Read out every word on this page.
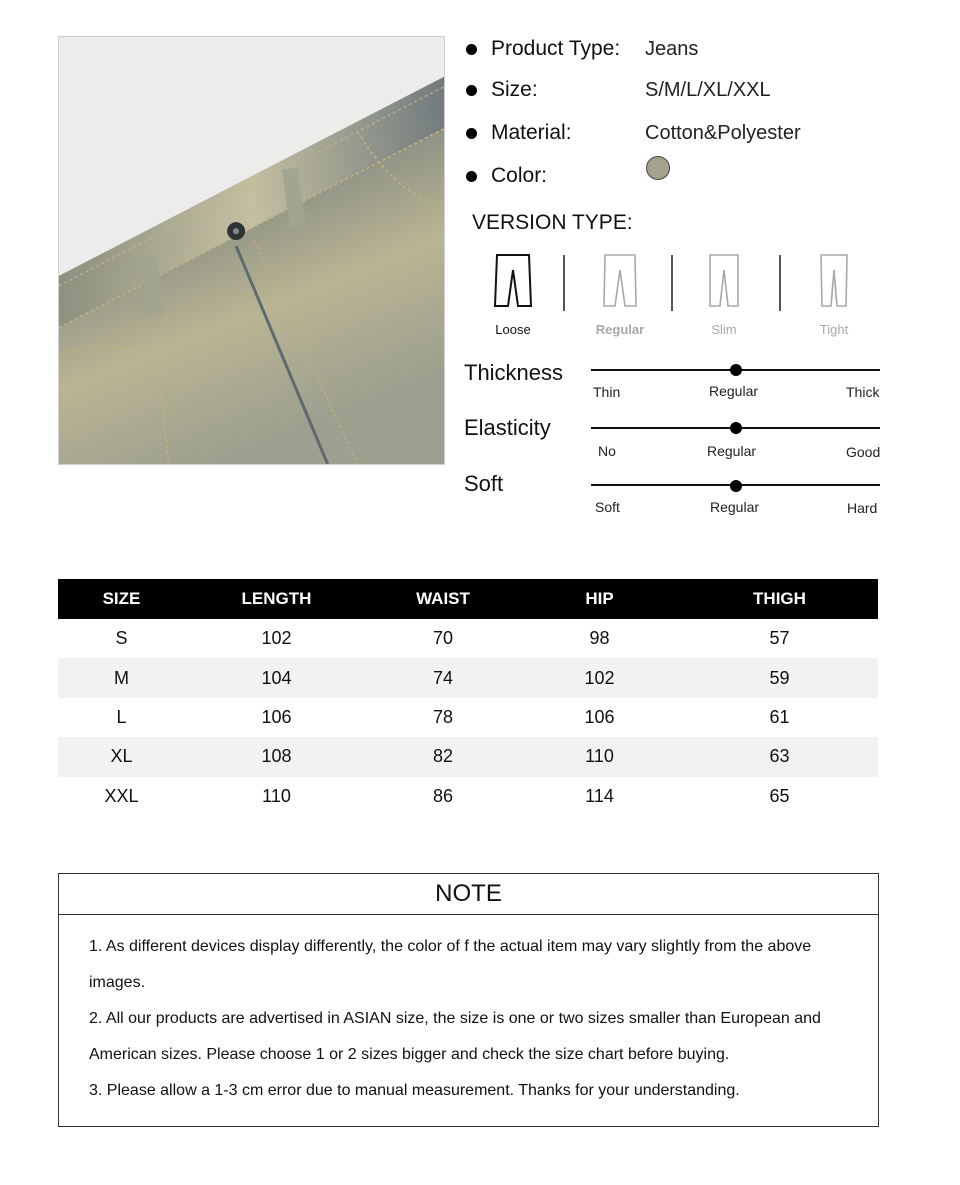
Product Type: Jeans
Size:	S/M/L/XL/XXL
Material:	Cotton&Polyester
Color:
VERSION TYPE:
Loose	Regular	Slim	Tight
Thickness
Thin	Regular	Thick
Elasticity
No	Regular	Good
Soft
Soft	Regular	Hard
SIZE	LENGTH	WAIST	HIP	THIGH
S	102	70	98	57
M	104	74	102	59
L	106	78	106	61
XL	108	82	110	63
XXL	110	86	114	65
NOTE

1. As different devices display differently, the color of f the actual item may vary slightly from the above images.

2. All our products are advertised in ASIAN size, the size is one or two sizes smaller than European and American sizes. Please choose 1 or 2 sizes bigger and check the size chart before buying.

3. Please allow a 1-3 cm error due to manual measurement. Thanks for your understanding.
